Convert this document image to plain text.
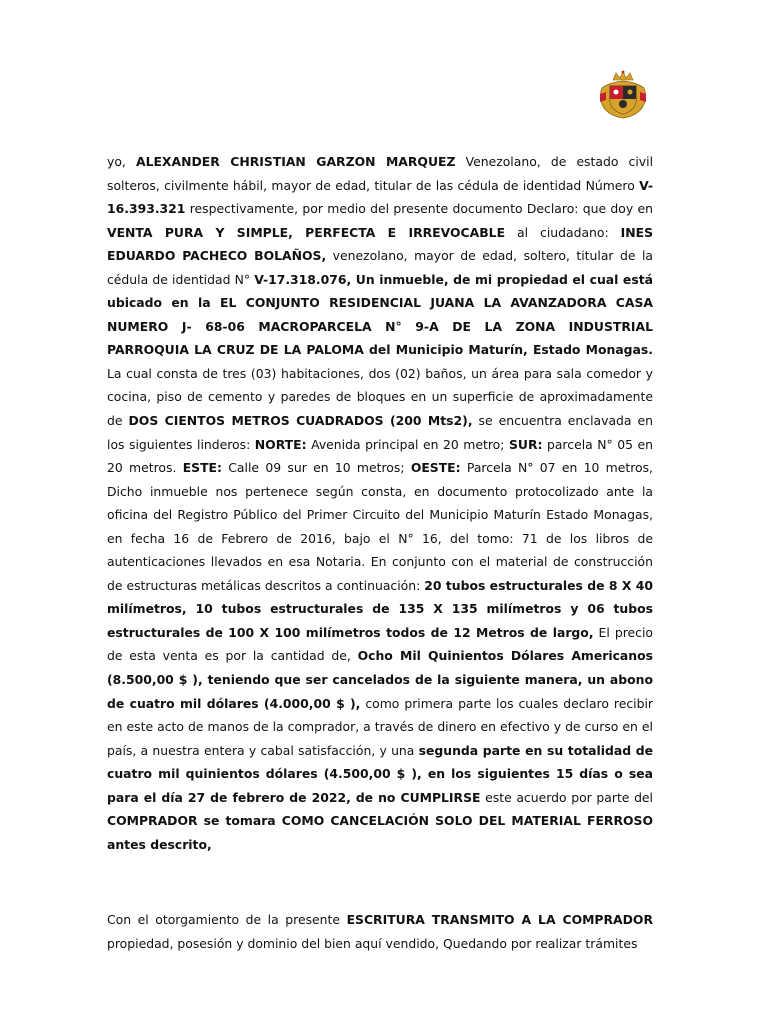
yo, ALEXANDER CHRISTIAN GARZON MARQUEZ Venezolano, de estado civil solteros, civilmente hábil, mayor de edad, titular de las cédula de identidad Número V-16.393.321 respectivamente, por medio del presente documento Declaro: que doy en VENTA PURA Y SIMPLE, PERFECTA E IRREVOCABLE al ciudadano: INES EDUARDO PACHECO BOLAÑOS, venezolano, mayor de edad, soltero, titular de la cédula de identidad N° V-17.318.076, Un inmueble, de mi propiedad el cual está ubicado en la EL CONJUNTO RESIDENCIAL JUANA LA AVANZADORA CASA NUMERO J- 68-06 MACROPARCELA N° 9-A DE LA ZONA INDUSTRIAL PARROQUIA LA CRUZ DE LA PALOMA del Municipio Maturín, Estado Monagas. La cual consta de tres (03) habitaciones, dos (02) baños, un área para sala comedor y cocina, piso de cemento y paredes de bloques en un superficie de aproximadamente de DOS CIENTOS METROS CUADRADOS (200 Mts2), se encuentra enclavada en los siguientes linderos: NORTE: Avenida principal en 20 metro; SUR: parcela N° 05 en 20 metros. ESTE: Calle 09 sur en 10 metros; OESTE: Parcela N° 07 en 10 metros, Dicho inmueble nos pertenece según consta, en documento protocolizado ante la oficina del Registro Público del Primer Circuito del Municipio Maturín Estado Monagas, en fecha 16 de Febrero de 2016, bajo el N° 16, del tomo: 71 de los libros de autenticaciones llevados en esa Notaria. En conjunto con el material de construcción de estructuras metálicas descritos a continuación: 20 tubos estructurales de 8 X 40 milímetros, 10 tubos estructurales de 135 X 135 milímetros y 06 tubos estructurales de 100 X 100 milímetros todos de 12 Metros de largo, El precio de esta venta es por la cantidad de, Ocho Mil Quinientos Dólares Americanos (8.500,00 $ ), teniendo que ser cancelados de la siguiente manera, un abono de cuatro mil dólares (4.000,00 $ ), como primera parte los cuales declaro recibir en este acto de manos de la comprador, a través de dinero en efectivo y de curso en el país, a nuestra entera y cabal satisfacción, y una segunda parte en su totalidad de cuatro mil quinientos dólares (4.500,00 $ ), en los siguientes 15 días o sea para el día 27 de febrero de 2022, de no CUMPLIRSE este acuerdo por parte del COMPRADOR se tomara COMO CANCELACIÓN SOLO DEL MATERIAL FERROSO antes descrito,

Con el otorgamiento de la presente ESCRITURA TRANSMITO A LA COMPRADOR propiedad, posesión y dominio del bien aquí vendido, Quedando por realizar trámites
